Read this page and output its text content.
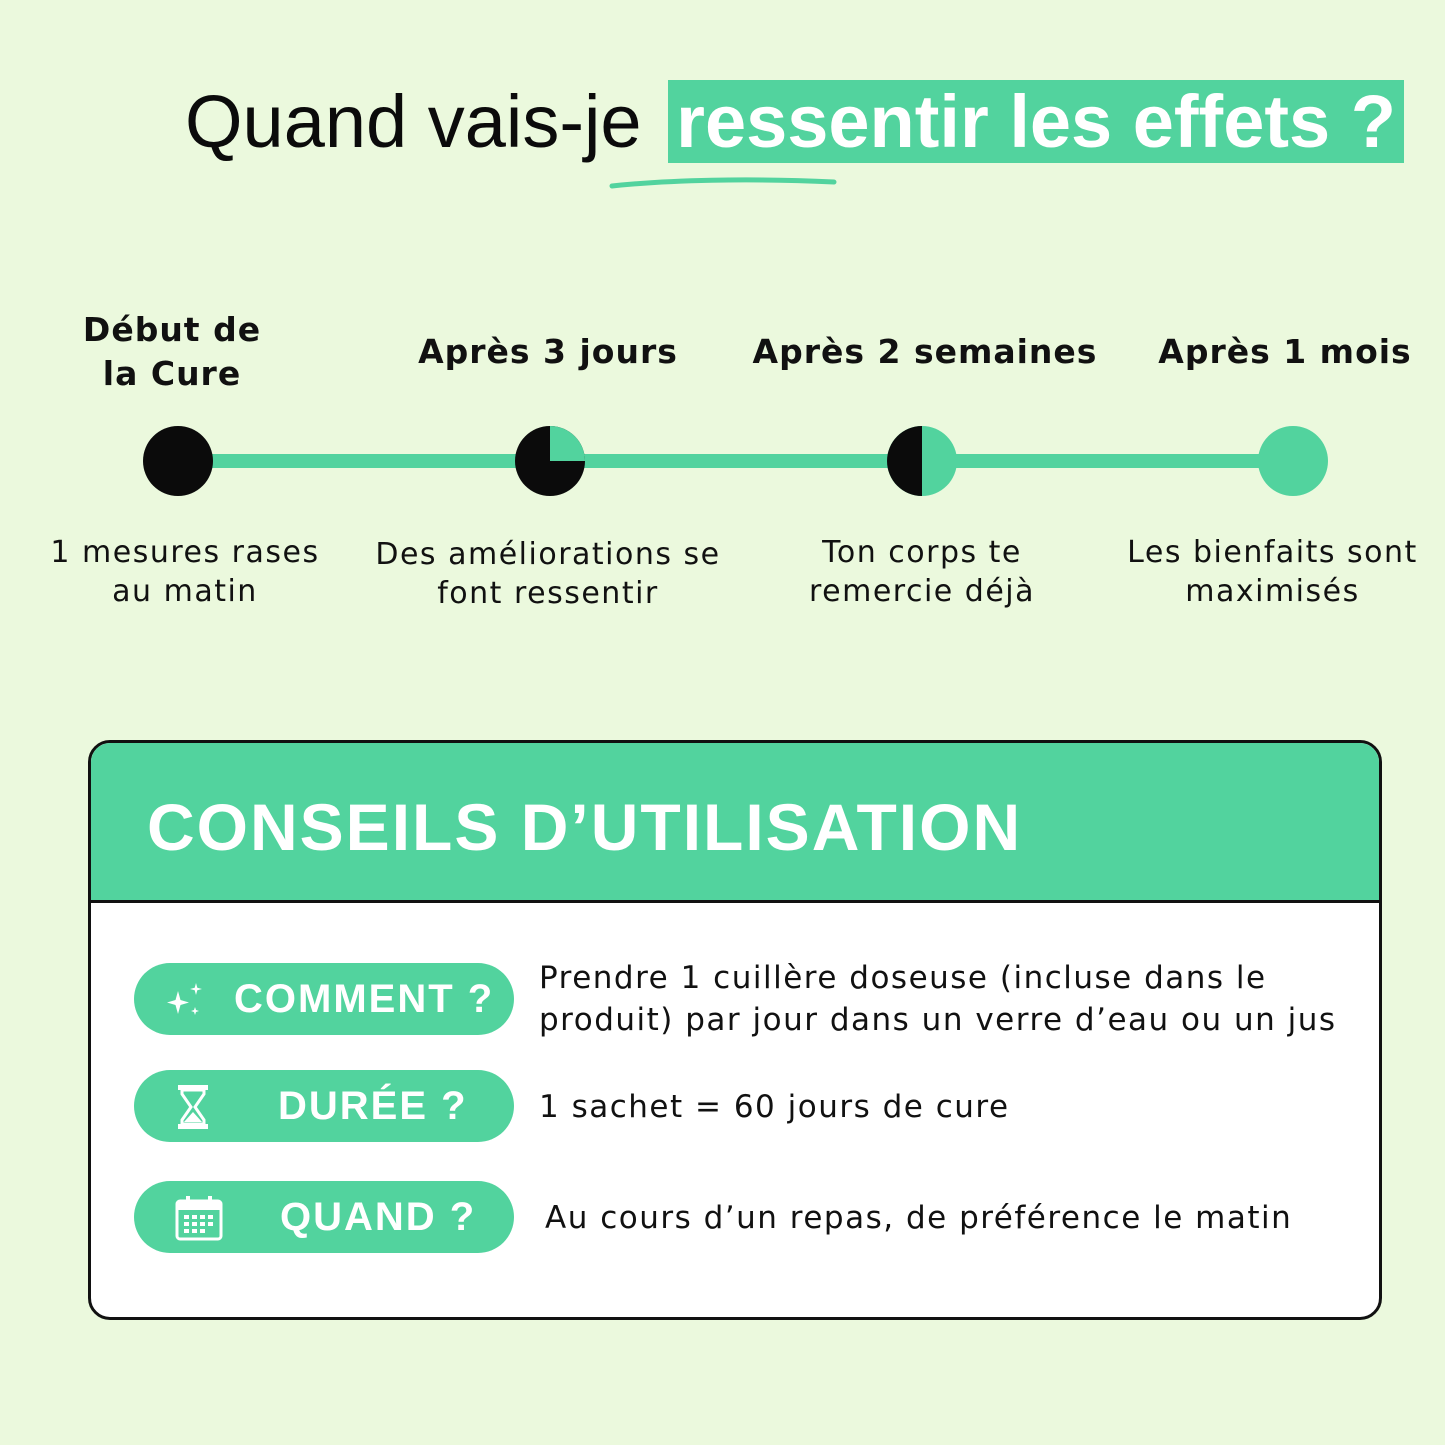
Quand vais-je ressentir les effets ?
Début de
la Cure
Après 3 jours	Après 2 semaines	Après 1 mois
1 mesures rases
au matin
Des améliorations se
font ressentir
Ton corps te
remercie déjà
Les bienfaits sont
maximisés
CONSEILS D’UTILISATION
COMMENT ? Prendre 1 cuillère doseuse (incluse dans le
produit) par jour dans un verre d’eau ou un jus
DURÉE ? 1 sachet = 60 jours de cure
QUAND ? Au cours d’un repas, de préférence le matin
